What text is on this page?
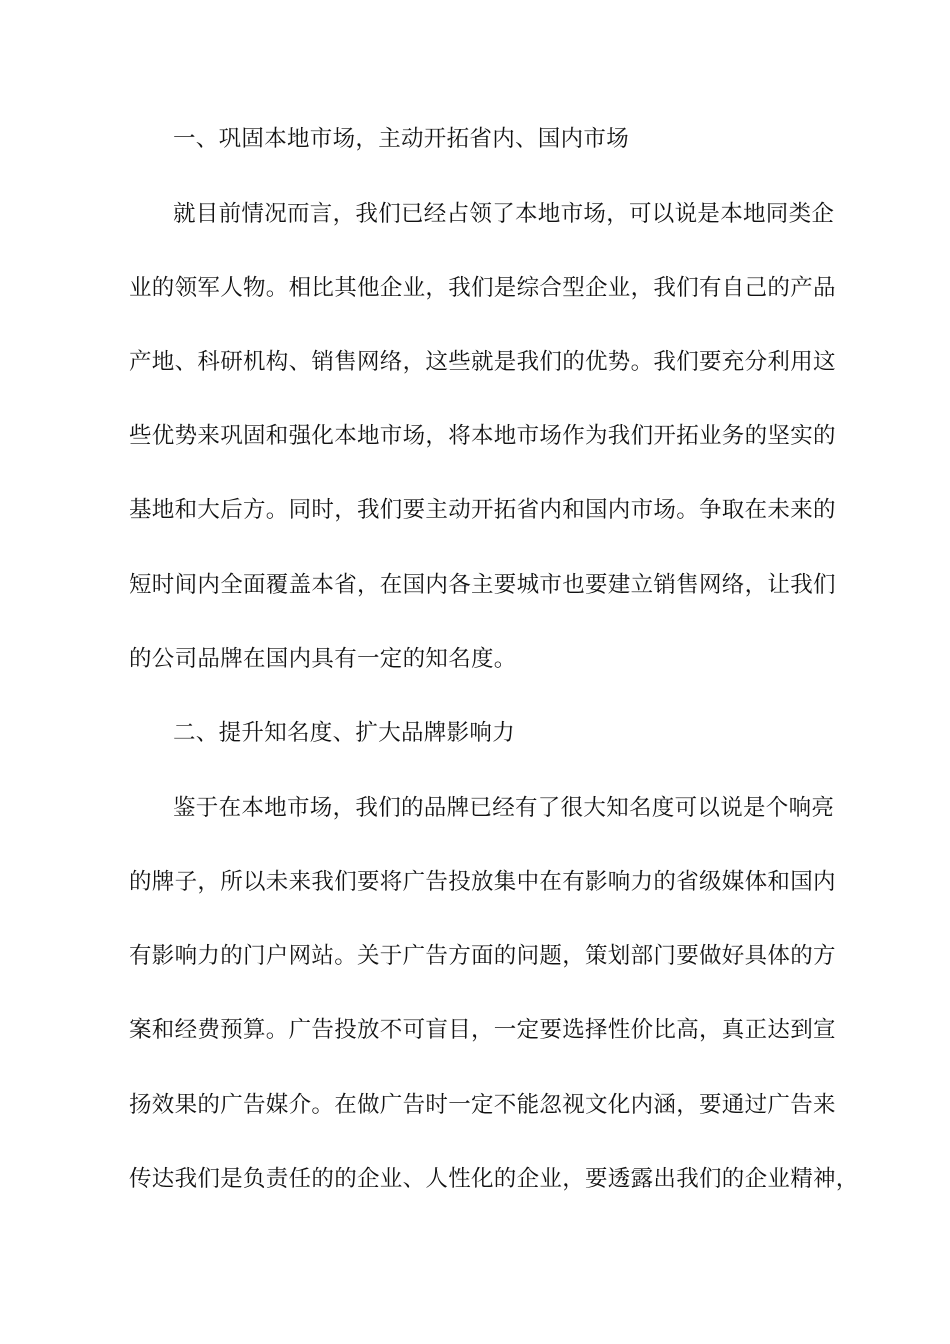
一、巩固本地市场，主动开拓省内、国内市场
就目前情况而言，我们已经占领了本地市场，可以说是本地同类企
业的领军人物。相比其他企业，我们是综合型企业，我们有自己的产品
产地、科研机构、销售网络，这些就是我们的优势。我们要充分利用这
些优势来巩固和强化本地市场，将本地市场作为我们开拓业务的坚实的
基地和大后方。同时，我们要主动开拓省内和国内市场。争取在未来的
短时间内全面覆盖本省，在国内各主要城市也要建立销售网络，让我们
的公司品牌在国内具有一定的知名度。
二、提升知名度、扩大品牌影响力
鉴于在本地市场，我们的品牌已经有了很大知名度可以说是个响亮
的牌子，所以未来我们要将广告投放集中在有影响力的省级媒体和国内
有影响力的门户网站。关于广告方面的问题，策划部门要做好具体的方
案和经费预算。广告投放不可盲目，一定要选择性价比高，真正达到宣
扬效果的广告媒介。在做广告时一定不能忽视文化内涵，要通过广告来
传达我们是负责任的的企业、人性化的企业，要透露出我们的企业精神，
